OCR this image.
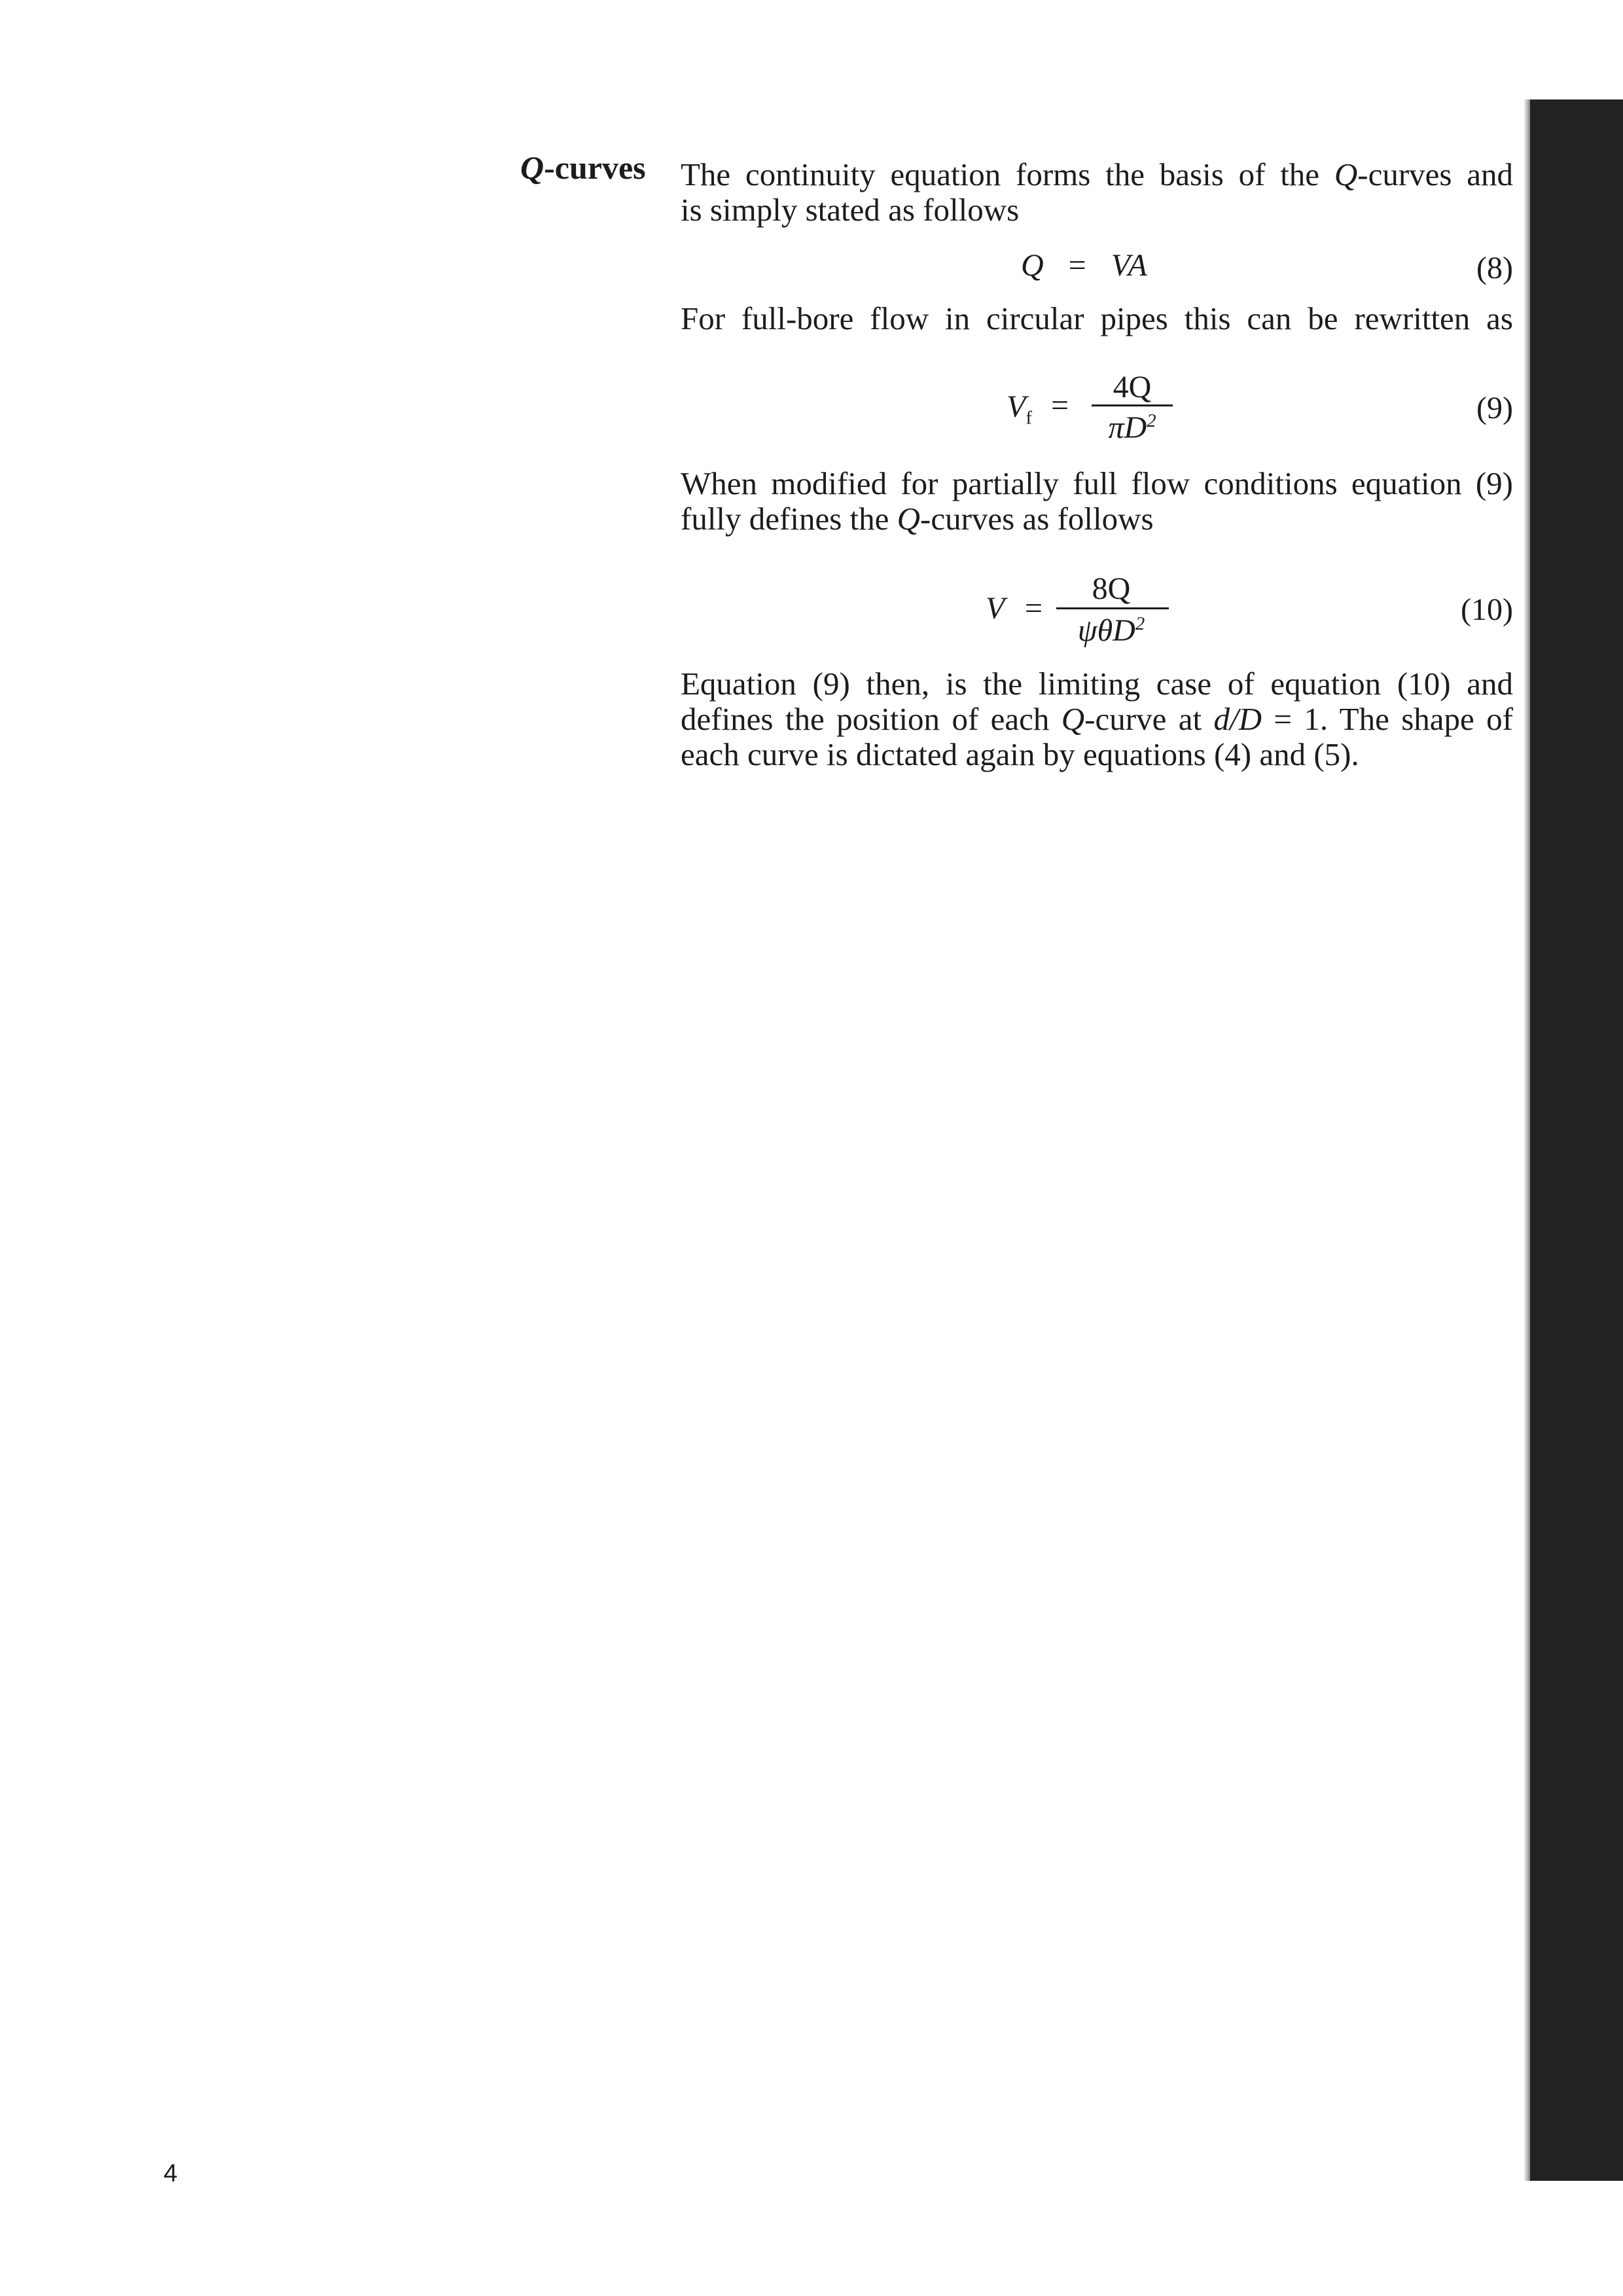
Q-curves The continuity equation forms the basis of the Q-curves and
is simply stated as follows

Q = VA	(8)

For full-bore flow in circular pipes this can be rewritten as

$V_f$ =
4Q
$\pi D^2$	(9)

When modified for partially full flow conditions equation (9)
fully defines the Q-curves as follows

V =
8Q
ψθD$^2$	(10)

Equation (9) then, is the limiting case of equation (10) and
defines the position of each Q-curve at d/D = 1. The shape of
each curve is dictated again by equations (4) and (5).

4
